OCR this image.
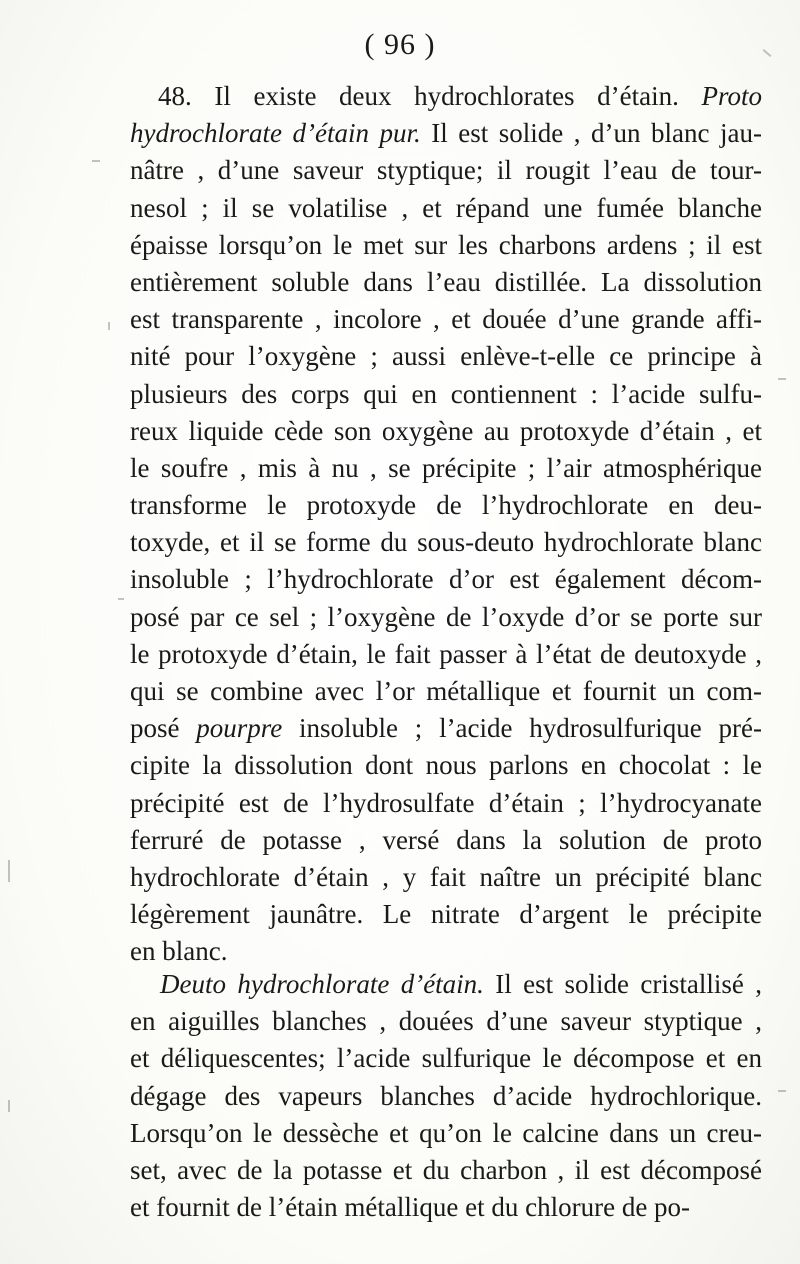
( 96 )
48. Il existe deux hydrochlorates d’étain. Proto
hydrochlorate d’étain pur. Il est solide , d’un blanc jau-
nâtre , d’une saveur styptique; il rougit l’eau de tour-
nesol ; il se volatilise , et répand une fumée blanche
épaisse lorsqu’on le met sur les charbons ardens ; il est
entièrement soluble dans l’eau distillée. La dissolution
est transparente , incolore , et douée d’une grande affi-
nité pour l’oxygène ; aussi enlève-t-elle ce principe à
plusieurs des corps qui en contiennent : l’acide sulfu-
reux liquide cède son oxygène au protoxyde d’étain , et
le soufre , mis à nu , se précipite ; l’air atmosphérique
transforme le protoxyde de l’hydrochlorate en deu-
toxyde, et il se forme du sous-deuto hydrochlorate blanc
insoluble ; l’hydrochlorate d’or est également décom-
posé par ce sel ; l’oxygène de l’oxyde d’or se porte sur
le protoxyde d’étain, le fait passer à l’état de deutoxyde ,
qui se combine avec l’or métallique et fournit un com-
posé pourpre insoluble ; l’acide hydrosulfurique pré-
cipite la dissolution dont nous parlons en chocolat : le
précipité est de l’hydrosulfate d’étain ; l’hydrocyanate
ferruré de potasse , versé dans la solution de proto
hydrochlorate d’étain , y fait naître un précipité blanc
légèrement jaunâtre. Le nitrate d’argent le précipite
en blanc.
Deuto hydrochlorate d’étain. Il est solide cristallisé ,
en aiguilles blanches , douées d’une saveur styptique ,
et déliquescentes; l’acide sulfurique le décompose et en
dégage des vapeurs blanches d’acide hydrochlorique.
Lorsqu’on le dessèche et qu’on le calcine dans un creu-
set, avec de la potasse et du charbon , il est décomposé
et fournit de l’étain métallique et du chlorure de po-
